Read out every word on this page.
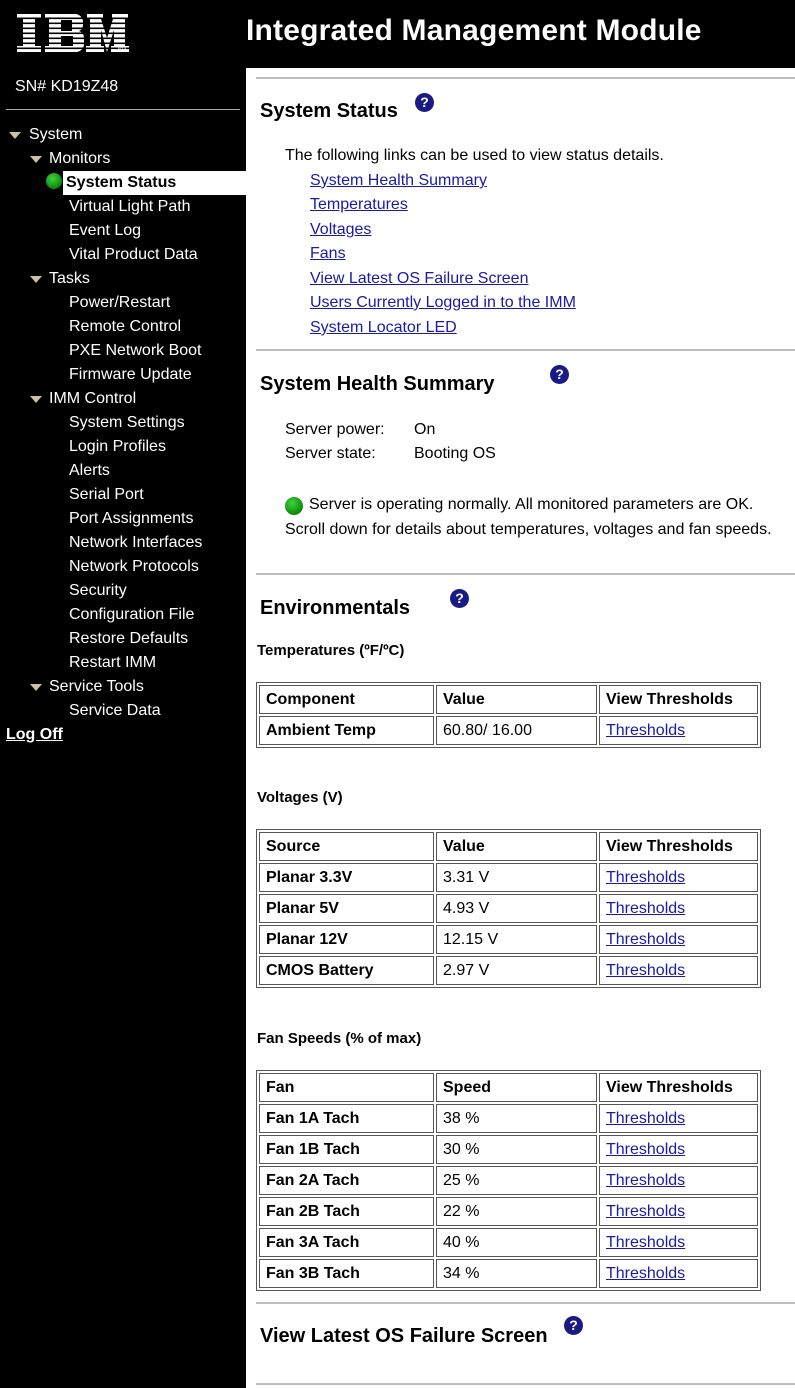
R
Integrated Management Module
SN# KD19Z48
System
Monitors
System Status
Virtual Light Path
Event Log
Vital Product Data
Tasks
Power/Restart
Remote Control
PXE Network Boot
Firmware Update
IMM Control
System Settings
Login Profiles
Alerts
Serial Port
Port Assignments
Network Interfaces
Network Protocols
Security
Configuration File
Restore Defaults
Restart IMM
Service Tools
Service Data
Log Off
System Status	?
The following links can be used to view status details.
System Health Summary
Temperatures
Voltages
Fans
View Latest OS Failure Screen
Users Currently Logged in to the IMM
System Locator LED
System Health Summary	?
Server power: On
Server state: Booting OS
Server is operating normally. All monitored parameters are OK.
Scroll down for details about temperatures, voltages and fan speeds.
Environmentals	?
Temperatures (ºF/ºC)
Component	Value	View Thresholds
Ambient Temp	60.80/ 16.00	Thresholds
Voltages (V)
Source	Value	View Thresholds
Planar 3.3V	3.31 V	Thresholds
Planar 5V	4.93 V	Thresholds
Planar 12V	12.15 V	Thresholds
CMOS Battery	2.97 V	Thresholds
Fan Speeds (% of max)
Fan	Speed	View Thresholds
Fan 1A Tach	38 %	Thresholds
Fan 1B Tach	30 %	Thresholds
Fan 2A Tach	25 %	Thresholds
Fan 2B Tach	22 %	Thresholds
Fan 3A Tach	40 %	Thresholds
Fan 3B Tach	34 %	Thresholds
View Latest OS Failure Screen	?
